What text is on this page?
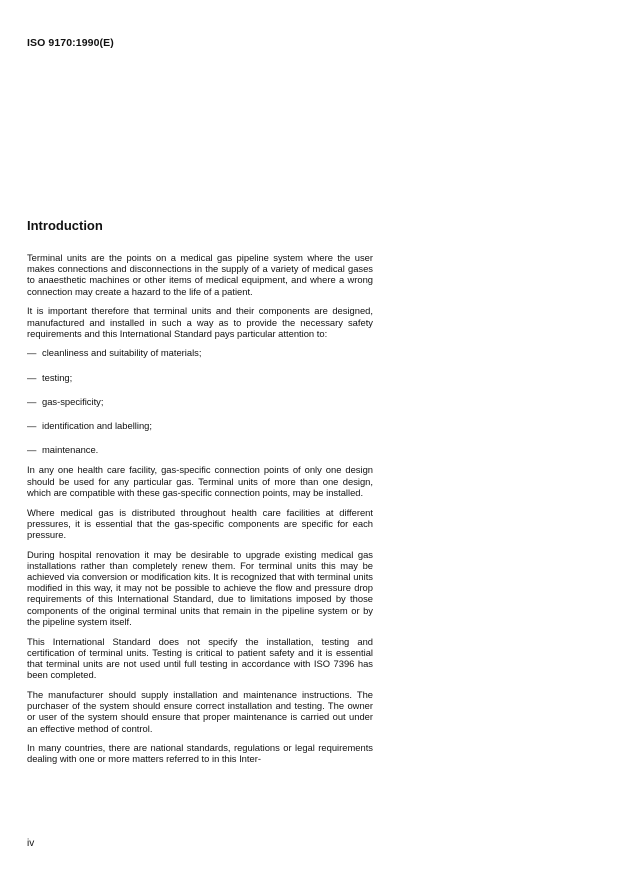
ISO 9170:1990(E)
Introduction

Terminal units are the points on a medical gas pipeline system where the user makes connections and disconnections in the supply of a variety of medical gases to anaesthetic machines or other items of medical equipment, and where a wrong connection may create a hazard to the life of a patient.

It is important therefore that terminal units and their components are designed, manufactured and installed in such a way as to provide the necessary safety requirements and this International Standard pays particular attention to:

— cleanliness and suitability of materials;
— testing;
— gas-specificity;
— identification and labelling;
— maintenance.

In any one health care facility, gas-specific connection points of only one design should be used for any particular gas. Terminal units of more than one design, which are compatible with these gas-specific connection points, may be installed.

Where medical gas is distributed throughout health care facilities at different pressures, it is essential that the gas-specific components are specific for each pressure.

During hospital renovation it may be desirable to upgrade existing medical gas installations rather than completely renew them. For terminal units this may be achieved via conversion or modification kits. It is recognized that with terminal units modified in this way, it may not be possible to achieve the flow and pressure drop requirements of this International Standard, due to limitations imposed by those components of the original terminal units that remain in the pipeline system or by the pipeline system itself.

This International Standard does not specify the installation, testing and certification of terminal units. Testing is critical to patient safety and it is essential that terminal units are not used until full testing in accordance with ISO 7396 has been completed.

The manufacturer should supply installation and maintenance instructions. The purchaser of the system should ensure correct installation and testing. The owner or user of the system should ensure that proper maintenance is carried out under an effective method of control.

In many countries, there are national standards, regulations or legal requirements dealing with one or more matters referred to in this Inter-

iv
